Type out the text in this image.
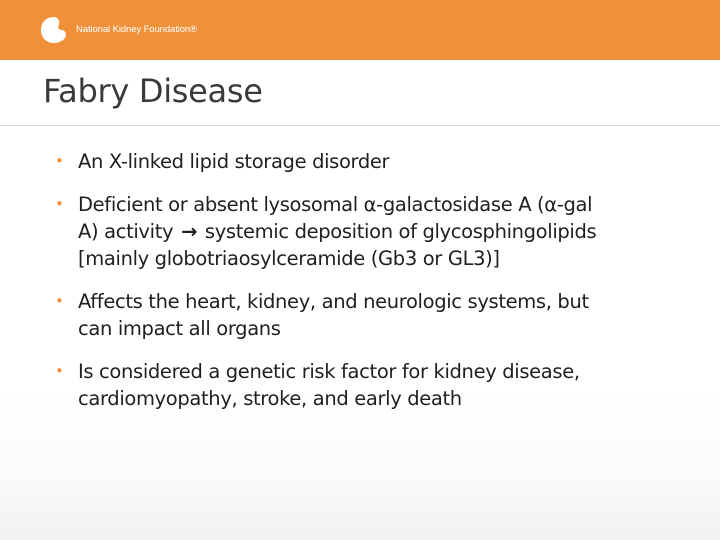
National Kidney Foundation®
Fabry Disease
• An X-linked lipid storage disorder
• Deficient or absent lysosomal α-galactosidase A (α-gal
A) activity → systemic deposition of glycosphingolipids
[mainly globotriaosylceramide (Gb3 or GL3)]
• Affects the heart, kidney, and neurologic systems, but
can impact all organs
• Is considered a genetic risk factor for kidney disease,
cardiomyopathy, stroke, and early death
